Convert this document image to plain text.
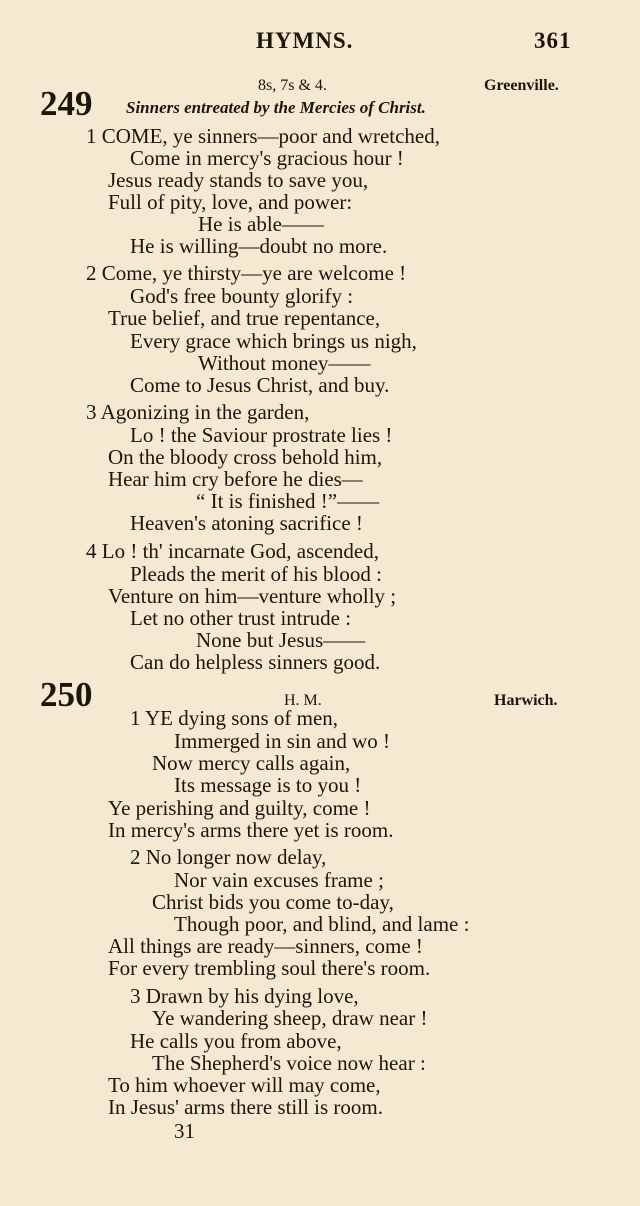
HYMNS.	361
8s, 7s & 4.	Greenville.
249 Sinners entreated by the Mercies of Christ.
1 COME, ye sinners—poor and wretched,
Come in mercy's gracious hour !
Jesus ready stands to save you,
Full of pity, love, and power:
He is able——
He is willing—doubt no more.
2 Come, ye thirsty—ye are welcome !
God's free bounty glorify :
True belief, and true repentance,
Every grace which brings us nigh,
Without money——
Come to Jesus Christ, and buy.
3 Agonizing in the garden,
Lo ! the Saviour prostrate lies !
On the bloody cross behold him,
Hear him cry before he dies—
“ It is finished !”——
Heaven's atoning sacrifice !
4 Lo ! th' incarnate God, ascended,
Pleads the merit of his blood :
Venture on him—venture wholly ;
Let no other trust intrude :
None but Jesus——
Can do helpless sinners good.
250	H. M.	Harwich.
1 YE dying sons of men,
Immerged in sin and wo !
Now mercy calls again,
Its message is to you !
Ye perishing and guilty, come !
In mercy's arms there yet is room.
2 No longer now delay,
Nor vain excuses frame ;
Christ bids you come to-day,
Though poor, and blind, and lame :
All things are ready—sinners, come !
For every trembling soul there's room.
3 Drawn by his dying love,
Ye wandering sheep, draw near !
He calls you from above,
The Shepherd's voice now hear :
To him whoever will may come,
In Jesus' arms there still is room.
31
